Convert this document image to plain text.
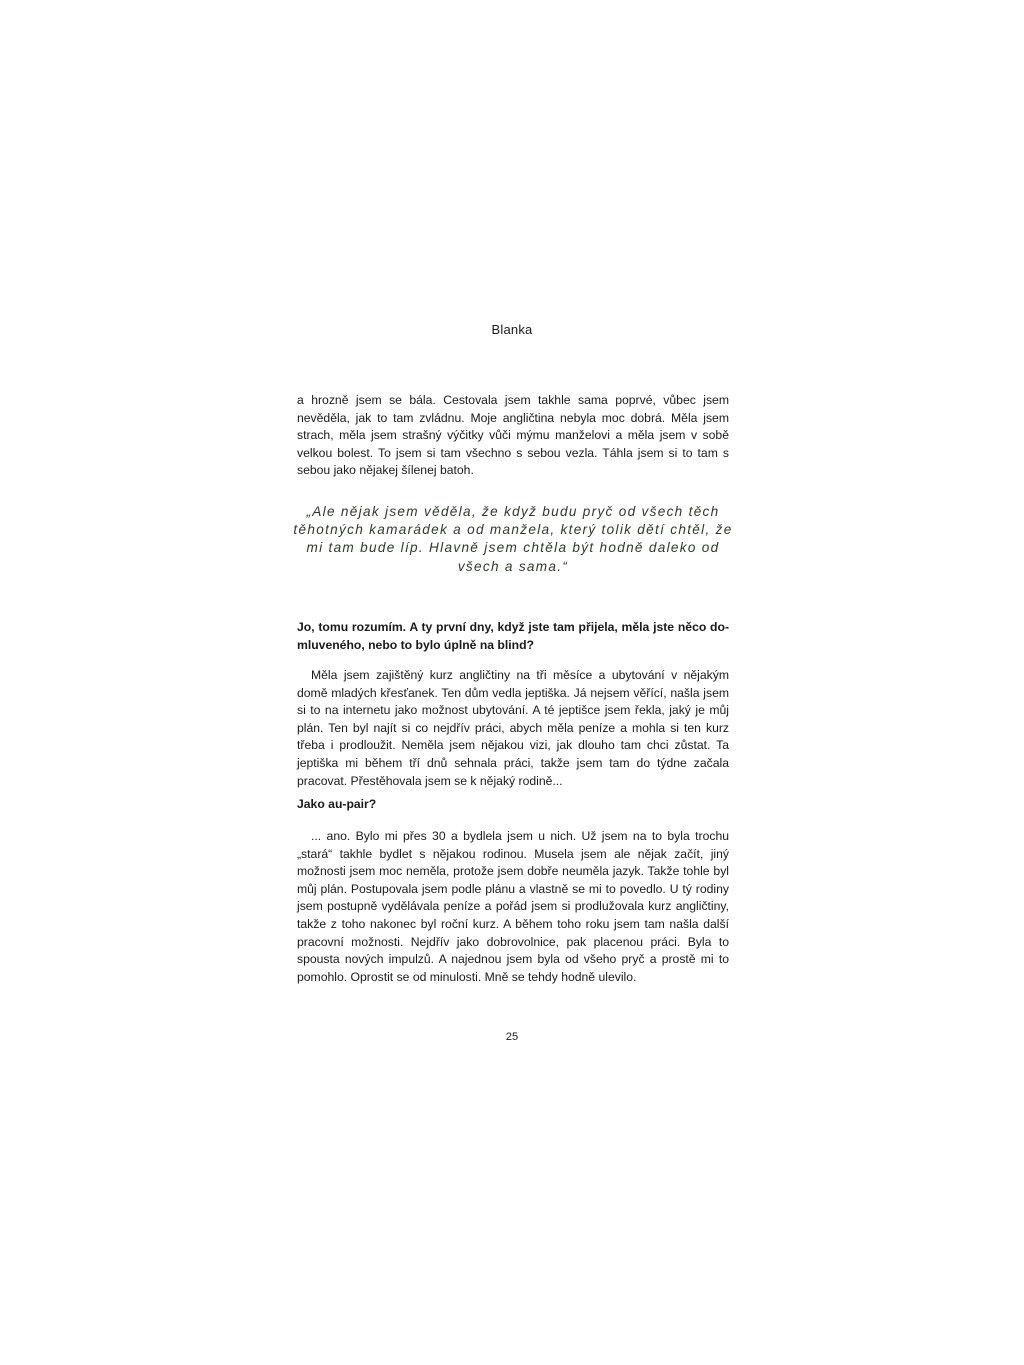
Blanka

a hrozně jsem se bála. Cestovala jsem takhle sama poprvé, vůbec jsem nevěděla, jak to tam zvládnu. Moje angličtina nebyla moc dobrá. Měla jsem strach, měla jsem strašný výčitky vůči mýmu manželovi a měla jsem v sobě velkou bolest. To jsem si tam všechno s sebou vezla. Táhla jsem si to tam s sebou jako nějakej šílenej batoh.

„Ale nějak jsem věděla, že když budu pryč od všech těch těhotných kamarádek a od manžela, který tolik dětí chtěl, že mi tam bude líp. Hlavně jsem chtěla být hodně daleko od všech a sama.“

Jo, tomu rozumím. A ty první dny, když jste tam přijela, měla jste něco domluveného, nebo to bylo úplně na blind?

Měla jsem zajištěný kurz angličtiny na tři měsíce a ubytování v nějakým domě mladých křesťanek. Ten dům vedla jeptiška. Já nejsem věřící, našla jsem si to na internetu jako možnost ubytování. A té jeptišce jsem řekla, jaký je můj plán. Ten byl najít si co nejdřív práci, abych měla peníze a mohla si ten kurz třeba i prodloužit. Neměla jsem nějakou vizi, jak dlouho tam chci zůstat. Ta jeptiška mi během tří dnů sehnala práci, takže jsem tam do týdne začala pracovat. Přestěhovala jsem se k nějaký rodině...

Jako au-pair?

... ano. Bylo mi přes 30 a bydlela jsem u nich. Už jsem na to byla trochu „stará“ takhle bydlet s nějakou rodinou. Musela jsem ale nějak začít, jiný možnosti jsem moc neměla, protože jsem dobře neuměla jazyk. Takže tohle byl můj plán. Postupovala jsem podle plánu a vlastně se mi to povedlo. U tý rodiny jsem postupně vydělávala peníze a pořád jsem si prodlužovala kurz angličtiny, takže z toho nakonec byl roční kurz. A během toho roku jsem tam našla další pracovní možnosti. Nejdřív jako dobrovolnice, pak placenou práci. Byla to spousta nových impulzů. A najednou jsem byla od všeho pryč a prostě mi to pomohlo. Oprostit se od minulosti. Mně se tehdy hodně ulevilo.

25
